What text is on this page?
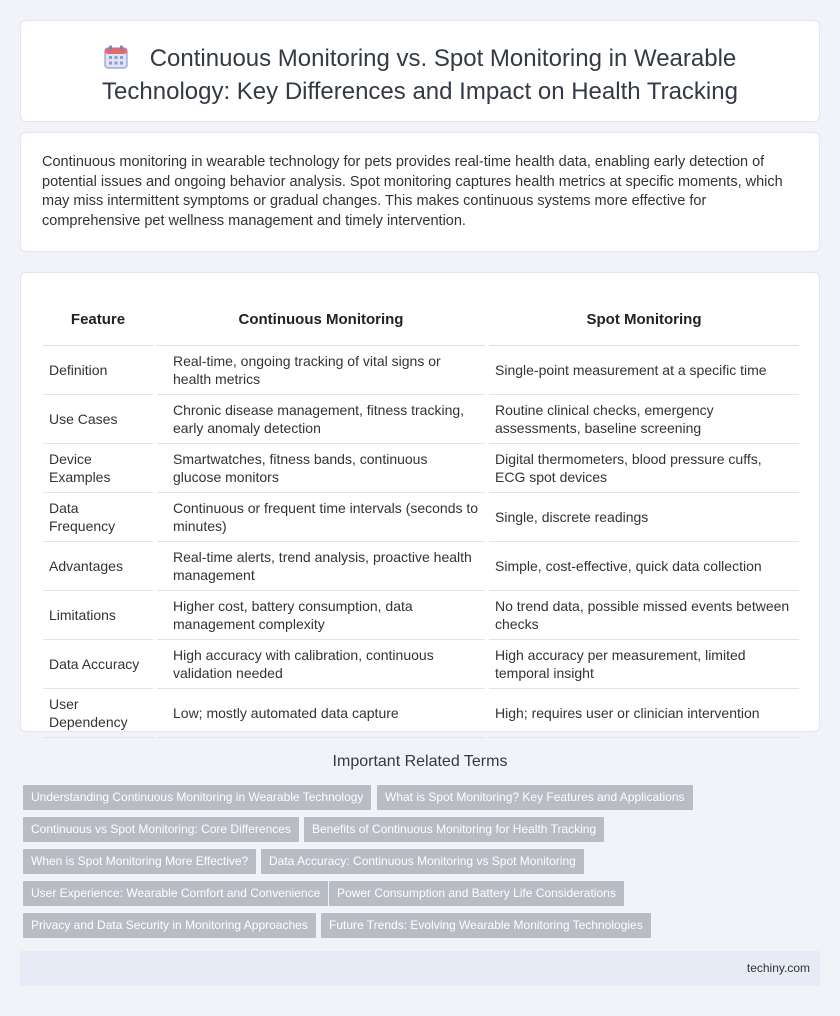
Continuous Monitoring vs. Spot Monitoring in Wearable Technology: Key Differences and Impact on Health Tracking

Continuous monitoring in wearable technology for pets provides real-time health data, enabling early detection of potential issues and ongoing behavior analysis. Spot monitoring captures health metrics at specific moments, which may miss intermittent symptoms or gradual changes. This makes continuous systems more effective for comprehensive pet wellness management and timely intervention.

Feature		Continuous Monitoring		Spot Monitoring
Definition		Real-time, ongoing tracking of vital signs or health metrics		Single-point measurement at a specific time
Use Cases		Chronic disease management, fitness tracking, early anomaly detection		Routine clinical checks, emergency assessments, baseline screening
Device Examples		Smartwatches, fitness bands, continuous glucose monitors		Digital thermometers, blood pressure cuffs, ECG spot devices
Data Frequency		Continuous or frequent time intervals (seconds to minutes)		Single, discrete readings
Advantages		Real-time alerts, trend analysis, proactive health management		Simple, cost-effective, quick data collection
Limitations		Higher cost, battery consumption, data management complexity		No trend data, possible missed events between checks
Data Accuracy		High accuracy with calibration, continuous validation needed		High accuracy per measurement, limited temporal insight
User Dependency		Low; mostly automated data capture		High; requires user or clinician intervention
Important Related Terms
Understanding Continuous Monitoring in Wearable Technology	What is Spot Monitoring? Key Features and Applications
Continuous vs Spot Monitoring: Core Differences	Benefits of Continuous Monitoring for Health Tracking
When is Spot Monitoring More Effective?	Data Accuracy: Continuous Monitoring vs Spot Monitoring
User Experience: Wearable Comfort and Convenience	Power Consumption and Battery Life Considerations
Privacy and Data Security in Monitoring Approaches	Future Trends: Evolving Wearable Monitoring Technologies
techiny.com
